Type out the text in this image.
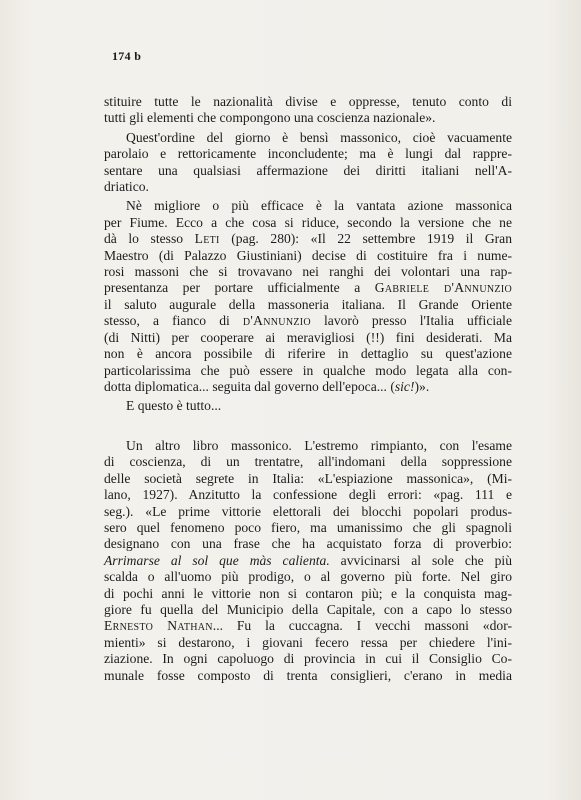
174 b

stituire tutte le nazionalità divise e oppresse, tenuto conto di
tutti gli elementi che compongono una coscienza nazionale».

Quest'ordine del giorno è bensì massonico, cioè vacuamente
parolaio e rettoricamente inconcludente; ma è lungi dal rappre-
sentare una qualsiasi affermazione dei diritti italiani nell'A-
driatico.

Nè migliore o più efficace è la vantata azione massonica
per Fiume. Ecco a che cosa si riduce, secondo la versione che ne
dà lo stesso Leti (pag. 280): «Il 22 settembre 1919 il Gran
Maestro (di Palazzo Giustiniani) decise di costituire fra i nume-
rosi massoni che si trovavano nei ranghi dei volontari una rap-
presentanza per portare ufficialmente a Gabriele d'Annunzio
il saluto augurale della massoneria italiana. Il Grande Oriente
stesso, a fianco di d'Annunzio lavorò presso l'Italia ufficiale
(di Nitti) per cooperare ai meravigliosi (!!) fini desiderati. Ma
non è ancora possibile di riferire in dettaglio su quest'azione
particolarissima che può essere in qualche modo legata alla con-
dotta diplomatica... seguita dal governo dell'epoca... (sic!)».

E questo è tutto...

Un altro libro massonico. L'estremo rimpianto, con l'esame
di coscienza, di un trentatre, all'indomani della soppressione
delle società segrete in Italia: «L'espiazione massonica», (Mi-
lano, 1927). Anzitutto la confessione degli errori: «pag. 111 e
seg.). «Le prime vittorie elettorali dei blocchi popolari produs-
sero quel fenomeno poco fiero, ma umanissimo che gli spagnoli
designano con una frase che ha acquistato forza di proverbio:
Arrimarse al sol que màs calienta. avvicinarsi al sole che più
scalda o all'uomo più prodigo, o al governo più forte. Nel giro
di pochi anni le vittorie non si contaron più; e la conquista mag-
giore fu quella del Municipio della Capitale, con a capo lo stesso
Ernesto Nathan... Fu la cuccagna. I vecchi massoni «dor-
mienti» si destarono, i giovani fecero ressa per chiedere l'ini-
ziazione. In ogni capoluogo di provincia in cui il Consiglio Co-
munale fosse composto di trenta consiglieri, c'erano in media
